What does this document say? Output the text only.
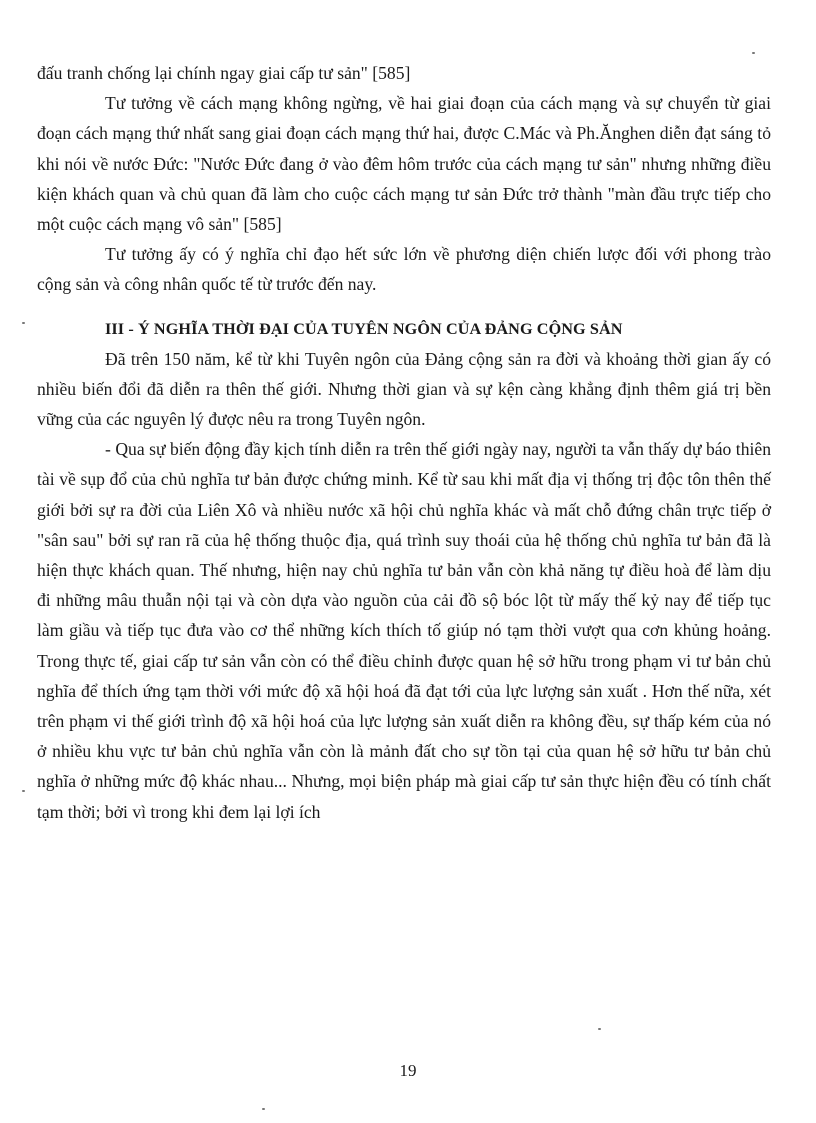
đấu tranh chống lại chính ngay giai cấp tư sản" [585]

Tư tưởng về cách mạng không ngừng, về hai giai đoạn của cách mạng và sự chuyển từ giai đoạn cách mạng thứ nhất sang giai đoạn cách mạng thứ hai, được C.Mác và Ph.Ănghen diễn đạt sáng tỏ khi nói về nước Đức: "Nước Đức đang ở vào đêm hôm trước của cách mạng tư sản" nhưng những điều kiện khách quan và chủ quan đã làm cho cuộc cách mạng tư sản Đức trở thành "màn đầu trực tiếp cho một cuộc cách mạng vô sản" [585]

Tư tưởng ấy có ý nghĩa chỉ đạo hết sức lớn về phương diện chiến lược đối với phong trào cộng sản và công nhân quốc tế từ trước đến nay.

III - Ý NGHĨA THỜI ĐẠI CỦA TUYÊN NGÔN CỦA ĐẢNG CỘNG SẢN

Đã trên 150 năm, kể từ khi Tuyên ngôn của Đảng cộng sản ra đời và khoảng thời gian ấy có nhiều biến đổi đã diễn ra thên thế giới. Nhưng thời gian và sự kện càng khẳng định thêm giá trị bền vững của các nguyên lý được nêu ra trong Tuyên ngôn.

- Qua sự biến động đầy kịch tính diễn ra trên thế giới ngày nay, người ta vẫn thấy dự báo thiên tài về sụp đổ của chủ nghĩa tư bản được chứng minh. Kể từ sau khi mất địa vị thống trị độc tôn thên thế giới bởi sự ra đời của Liên Xô và nhiều nước xã hội chủ nghĩa khác và mất chỗ đứng chân trực tiếp ở "sân sau" bởi sự ran rã của hệ thống thuộc địa, quá trình suy thoái của hệ thống chủ nghĩa tư bản đã là hiện thực khách quan. Thế nhưng, hiện nay chủ nghĩa tư bản vẫn còn khả năng tự điều hoà để làm dịu đi những mâu thuẫn nội tại và còn dựa vào nguồn của cải đồ sộ bóc lột từ mấy thế kỷ nay để tiếp tục làm giầu và tiếp tục đưa vào cơ thể những kích thích tố giúp nó tạm thời vượt qua cơn khủng hoảng. Trong thực tế, giai cấp tư sản vẫn còn có thể điều chỉnh được quan hệ sở hữu trong phạm vi tư bản chủ nghĩa để thích ứng tạm thời với mức độ xã hội hoá đã đạt tới của lực lượng sản xuất . Hơn thế nữa, xét trên phạm vi thế giới trình độ xã hội hoá của lực lượng sản xuất diễn ra không đều, sự thấp kém của nó ở nhiều khu vực tư bản chủ nghĩa vẫn còn là mảnh đất cho sự tồn tại của quan hệ sở hữu tư bản chủ nghĩa ở những mức độ khác nhau... Nhưng, mọi biện pháp mà giai cấp tư sản thực hiện đều có tính chất tạm thời; bởi vì trong khi đem lại lợi ích

19
